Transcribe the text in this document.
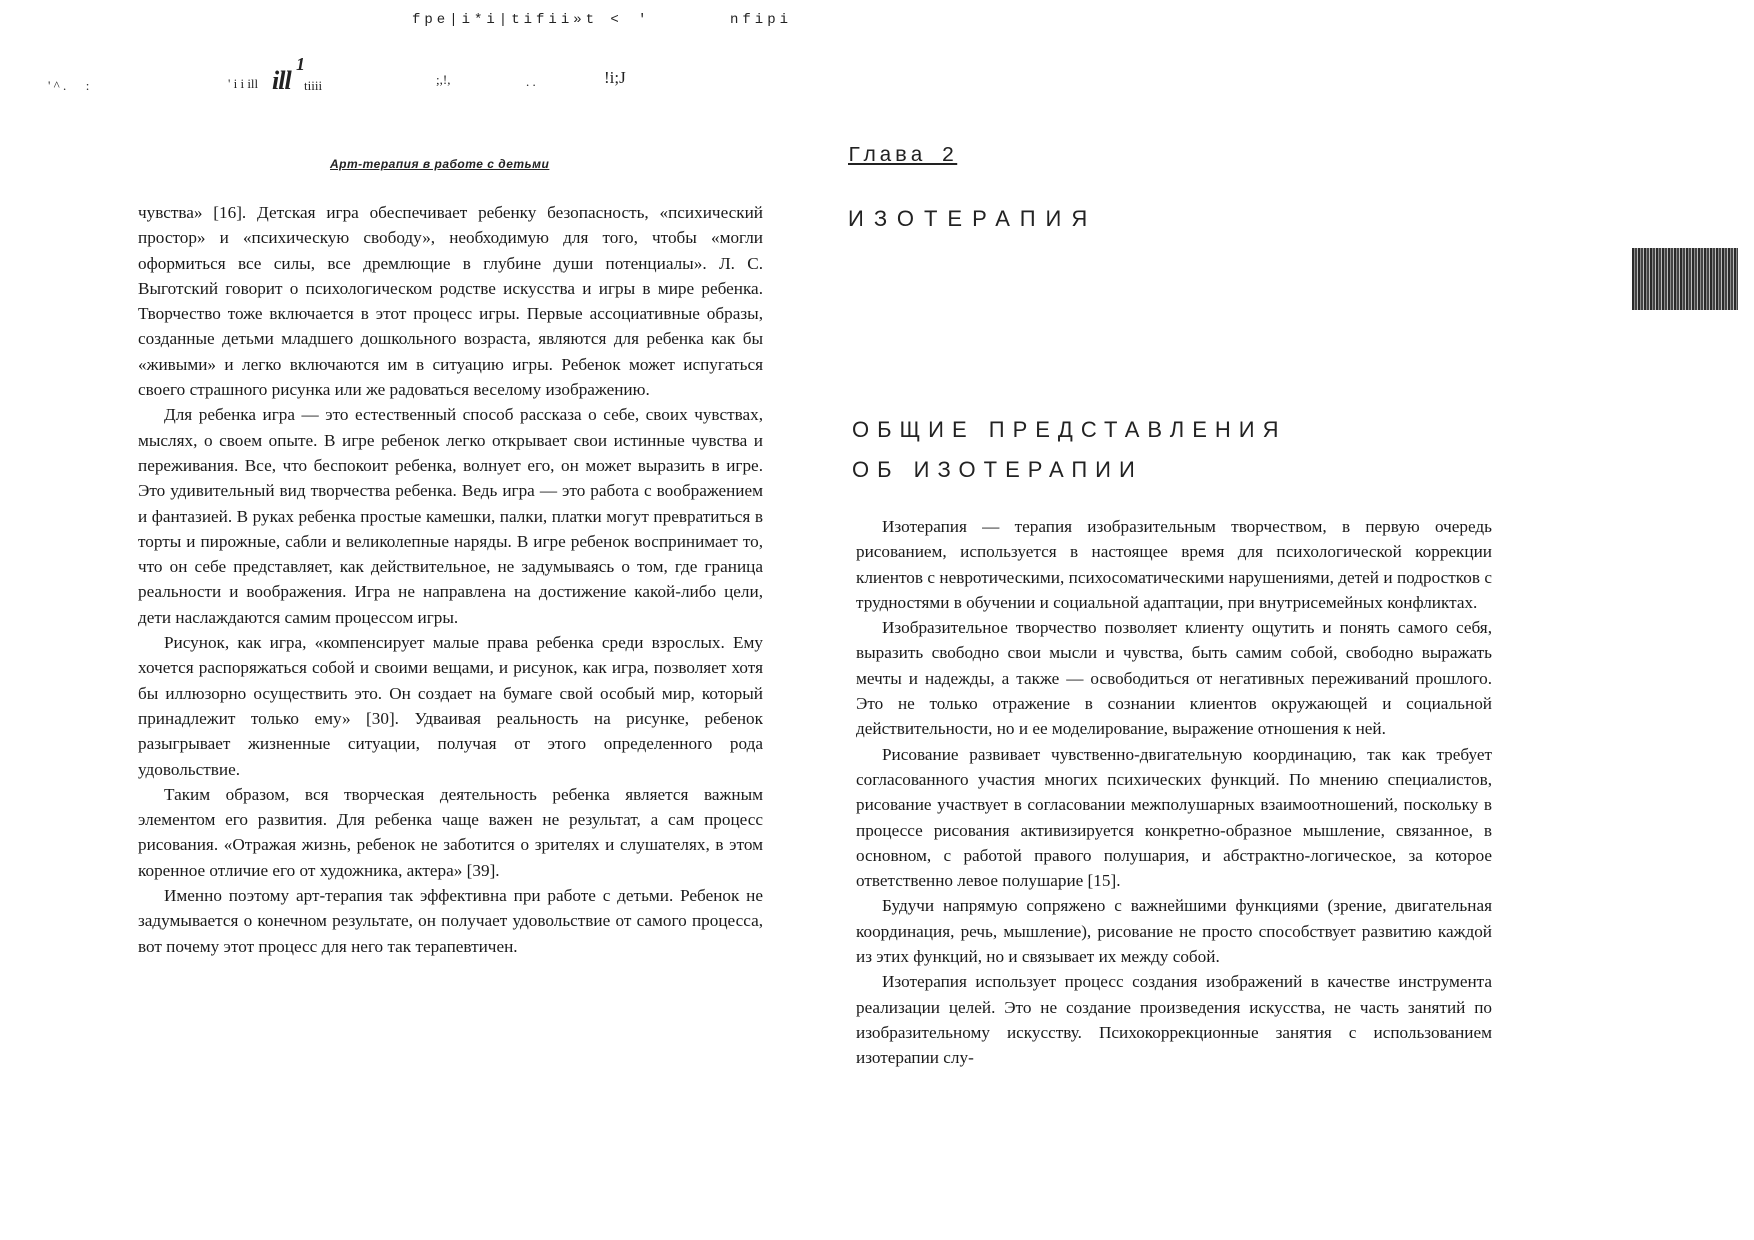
fpe|i*i|tifii»t < '	nfipi
' ^ .      :	' i i ill ill
1
tiiii	;,!,	. .	!i;J
Арт-терапия в работе с детьми

чувства» [16]. Детская игра обеспечивает ребенку безопасность, «психический простор» и «психическую свободу», необходимую для того, чтобы «могли оформиться все силы, все дремлющие в глубине души потенциалы». Л. С. Выготский говорит о психологическом родстве искусства и игры в мире ребенка. Творчество тоже включается в этот процесс игры. Первые ассоциативные образы, созданные детьми младшего дошкольного возраста, являются для ребенка как бы «живыми» и легко включаются им в ситуацию игры. Ребенок может испугаться своего страшного рисунка или же радоваться веселому изображению.

Для ребенка игра — это естественный способ рассказа о себе, своих чувствах, мыслях, о своем опыте. В игре ребенок легко открывает свои истинные чувства и переживания. Все, что беспокоит ребенка, волнует его, он может выразить в игре. Это удивительный вид творчества ребенка. Ведь игра — это работа с воображением и фантазией. В руках ребенка простые камешки, палки, платки могут превратиться в торты и пирожные, сабли и великолепные наряды. В игре ребенок воспринимает то, что он себе представляет, как действительное, не задумываясь о том, где граница реальности и воображения. Игра не направлена на достижение какой-либо цели, дети наслаждаются самим процессом игры.

Рисунок, как игра, «компенсирует малые права ребенка среди взрослых. Ему хочется распоряжаться собой и своими вещами, и рисунок, как игра, позволяет хотя бы иллюзорно осуществить это. Он создает на бумаге свой особый мир, который принадлежит только ему» [30]. Удваивая реальность на рисунке, ребенок разыгрывает жизненные ситуации, получая от этого определенного рода удовольствие.

Таким образом, вся творческая деятельность ребенка является важным элементом его развития. Для ребенка чаще важен не результат, а сам процесс рисования. «Отражая жизнь, ребенок не заботится о зрителях и слушателях, в этом коренное отличие его от художника, актера» [39].

Именно поэтому арт-терапия так эффективна при работе с детьми. Ребенок не задумывается о конечном результате, он получает удовольствие от самого процесса, вот почему этот процесс для него так терапевтичен.

Глава 2
ИЗОТЕРАПИЯ
ОБЩИЕ ПРЕДСТАВЛЕНИЯ
ОБ ИЗОТЕРАПИИ

Изотерапия — терапия изобразительным творчеством, в первую очередь рисованием, используется в настоящее время для психологической коррекции клиентов с невротическими, психосоматическими нарушениями, детей и подростков с трудностями в обучении и социальной адаптации, при внутрисемейных конфликтах.

Изобразительное творчество позволяет клиенту ощутить и понять самого себя, выразить свободно свои мысли и чувства, быть самим собой, свободно выражать мечты и надежды, а также — освободиться от негативных переживаний прошлого. Это не только отражение в сознании клиентов окружающей и социальной действительности, но и ее моделирование, выражение отношения к ней.

Рисование развивает чувственно-двигательную координацию, так как требует согласованного участия многих психических функций. По мнению специалистов, рисование участвует в согласовании межполушарных взаимоотношений, поскольку в процессе рисования активизируется конкретно-образное мышление, связанное, в основном, с работой правого полушария, и абстрактно-логическое, за которое ответственно левое полушарие [15].

Будучи напрямую сопряжено с важнейшими функциями (зрение, двигательная координация, речь, мышление), рисование не просто способствует развитию каждой из этих функций, но и связывает их между собой.

Изотерапия использует процесс создания изображений в качестве инструмента реализации целей. Это не создание произведения искусства, не часть занятий по изобразительному искусству. Психокоррекционные занятия с использованием изотерапии слу-
